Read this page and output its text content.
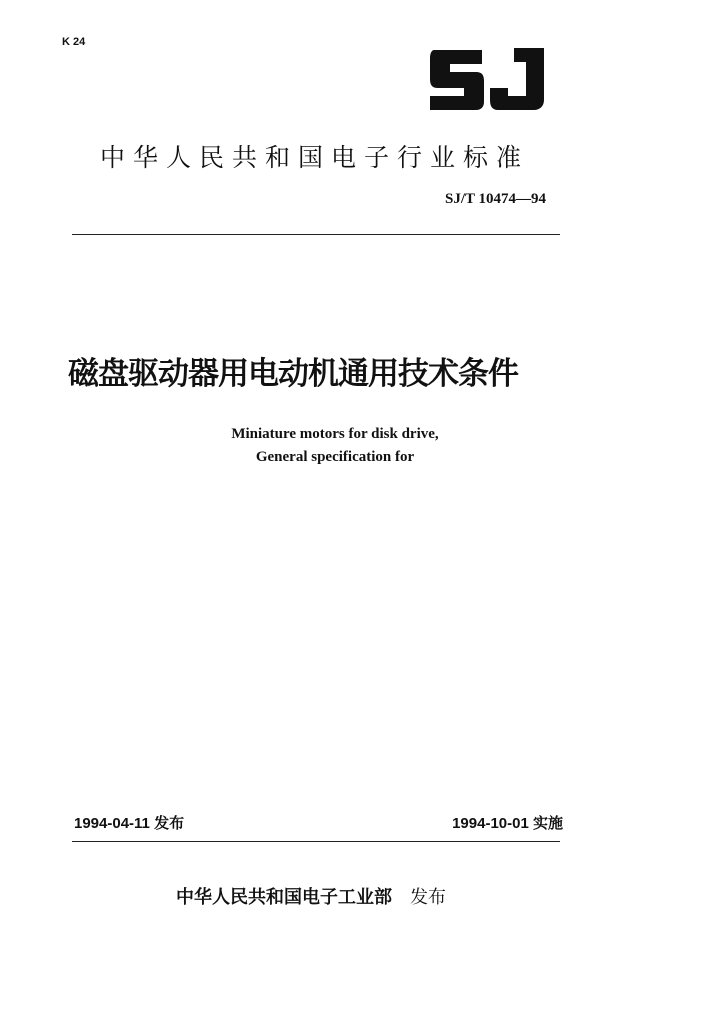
K 24
中华人民共和国电子行业标准
SJ/T 10474—94
磁盘驱动器用电动机通用技术条件
Miniature motors for disk drive,
General specification for
1994-04-11 发布	1994-10-01 实施
中华人民共和国电子工业部 发布
